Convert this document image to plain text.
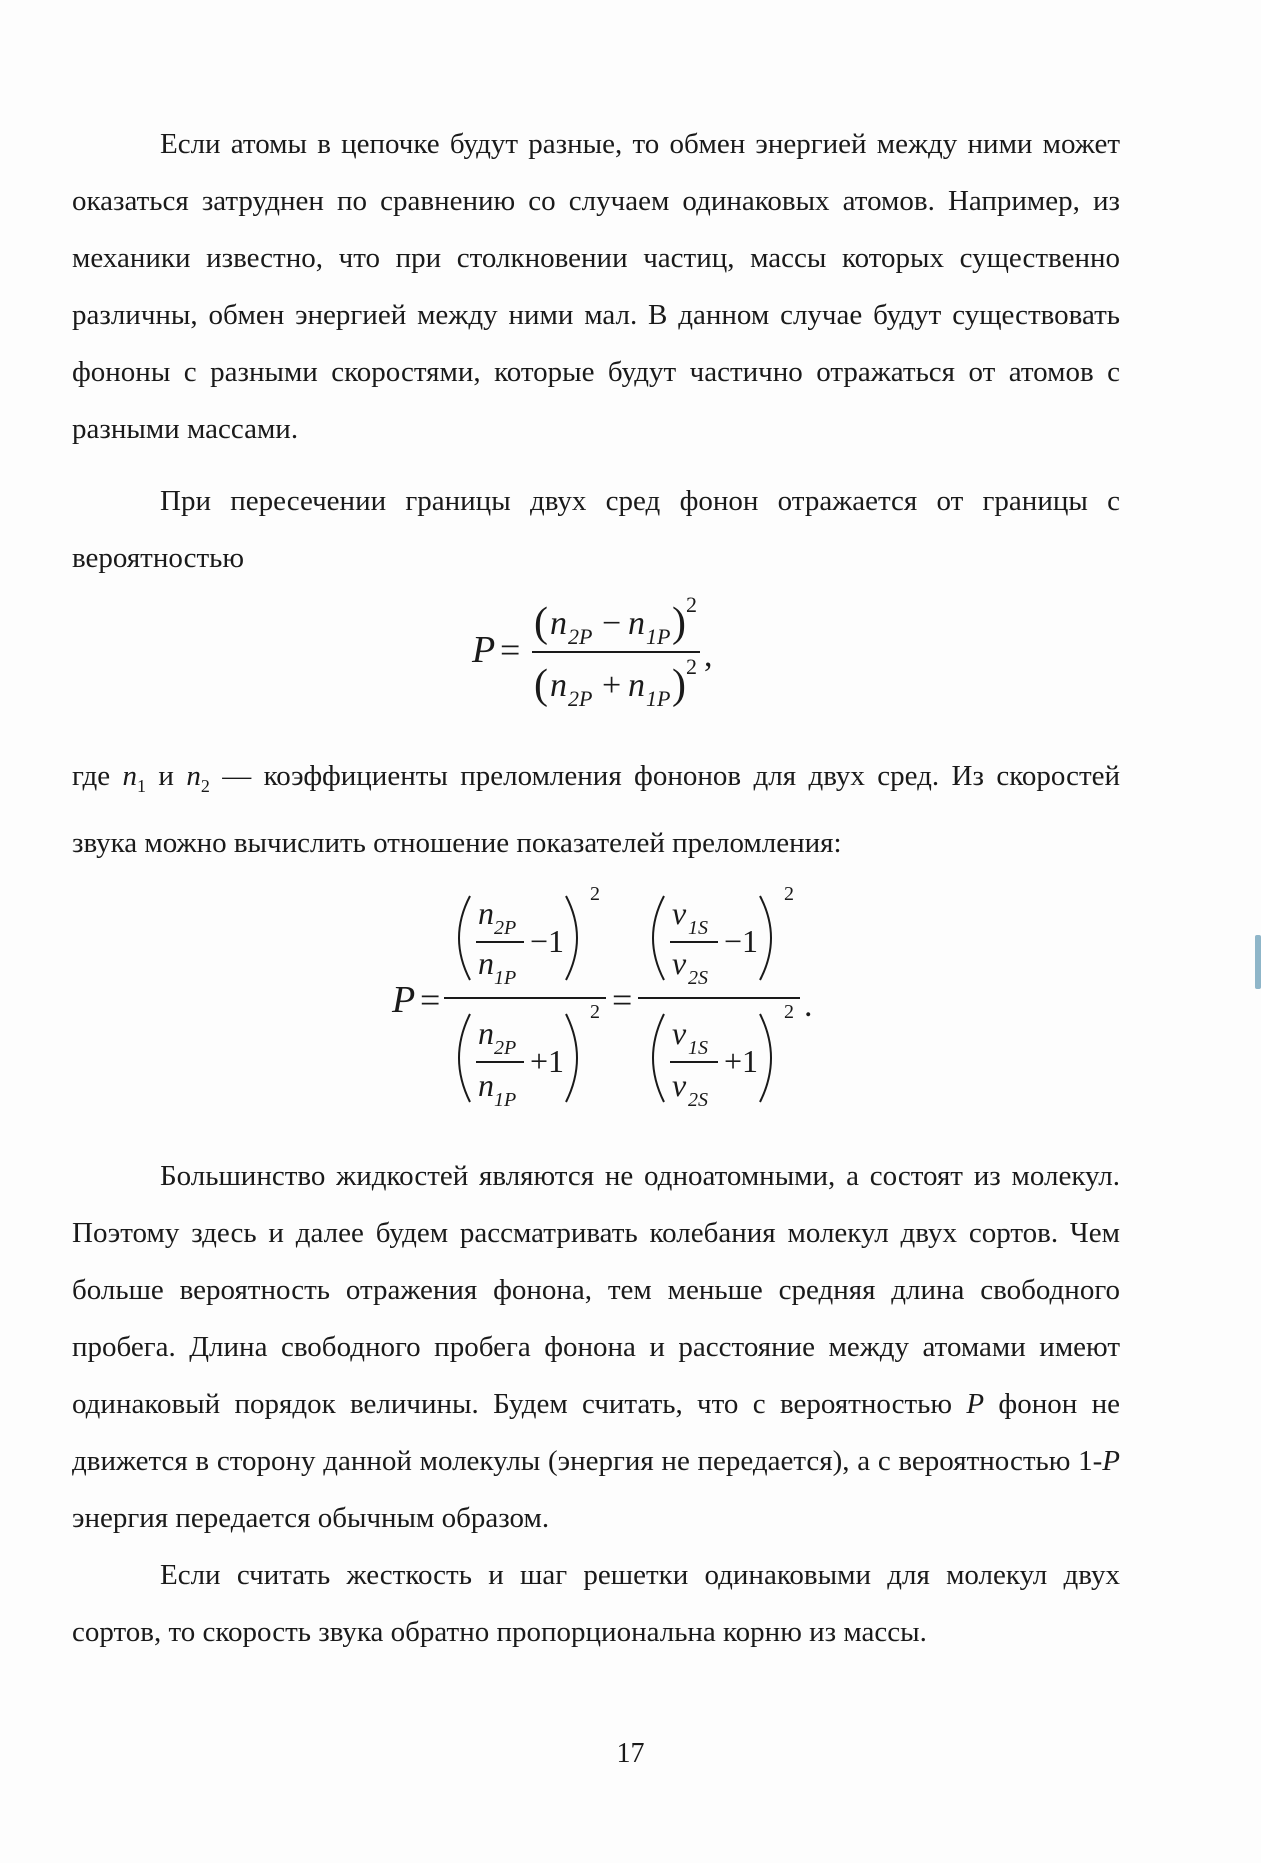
Если атомы в цепочке будут разные, то обмен энергией между ними может оказаться затруднен по сравнению со случаем одинаковых атомов. Например, из механики известно, что при столкновении частиц, массы которых существенно различны, обмен энергией между ними мал. В данном случае будут существовать фононы с разными скоростями, которые будут частично отражаться от атомов с разными массами.

При пересечении границы двух сред фонон отражается от границы с вероятностью

P =
( n 2P − n 1P ) 2
( n 2P + n 1P ) 2 ,

где $n_1$ и $n_2$ — коэффициенты преломления фононов для двух сред. Из скоростей звука можно вычислить отношение показателей преломления:

P =
n 2P
n 1P
−1
2
n 2P
n 1P
+1
2 =
v 1S
v 2S
−1
2
v 1S
v 2S
+1
2 .

Большинство жидкостей являются не одноатомными, а состоят из молекул. Поэтому здесь и далее будем рассматривать колебания молекул двух сортов. Чем больше вероятность отражения фонона, тем меньше средняя длина свободного пробега. Длина свободного пробега фонона и расстояние между атомами имеют одинаковый порядок величины. Будем считать, что с вероятностью P фонон не движется в сторону данной молекулы (энергия не передается), а с вероятностью 1-P энергия передается обычным образом.

Если считать жесткость и шаг решетки одинаковыми для молекул двух сортов, то скорость звука обратно пропорциональна корню из массы.

17
